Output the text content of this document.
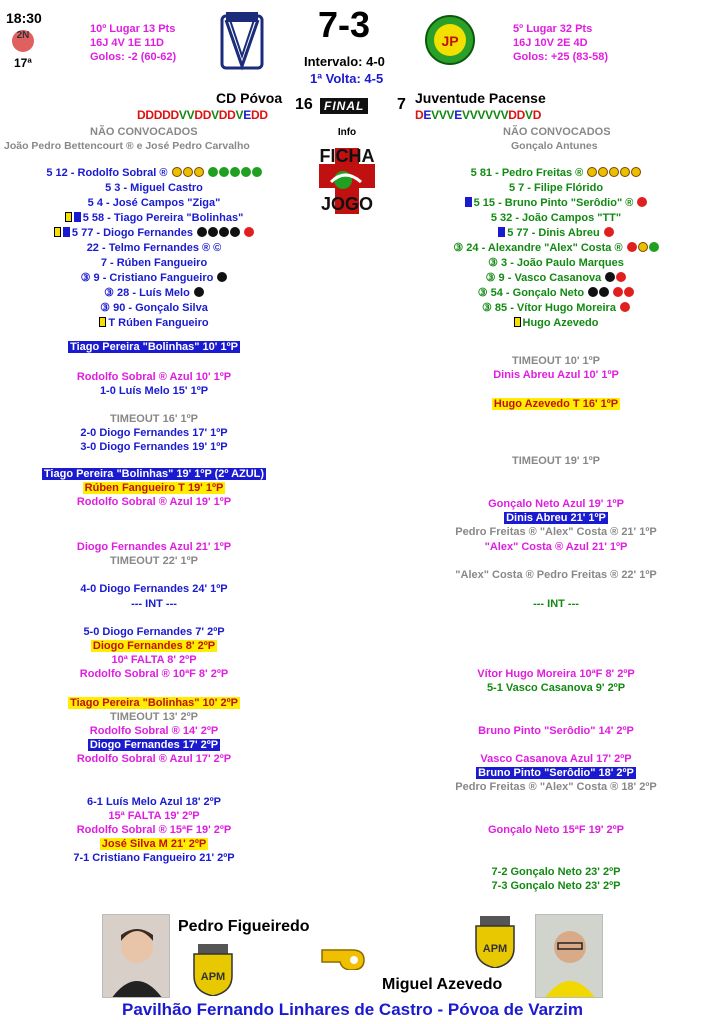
18:30
2N
17ª
10º Lugar 13 Pts
16J 4V 1E 11D
Golos: -2 (60-62)
7-3
Intervalo: 4-0
1ª Volta: 4-5
JP
5º Lugar 32 Pts
16J 10V 2E 4D
Golos: +25 (83-58)
CD Póvoa 16 FINAL 7 Juventude Pacense
DDDDDVVDDVDDVEDD	DEVVVEVVVVVVDDVD
NÃO CONVOCADOS	NÃO CONVOCADOS
João Pedro Bettencourt ® e José Pedro Carvalho	Gonçalo Antunes
Info
FICHA
JOGO
5 12 - Rodolfo Sobral ®
5 3 - Miguel Castro
5 4 - José Campos "Ziga"
5 58 - Tiago Pereira "Bolinhas"
5 77 - Diogo Fernandes
22 - Telmo Fernandes ® ©
7 - Rúben Fangueiro
③ 9 - Cristiano Fangueiro
③ 28 - Luís Melo
③ 90 - Gonçalo Silva
T Rúben Fangueiro
5 81 - Pedro Freitas ®
5 7 - Filipe Flórido
5 15 - Bruno Pinto "Serôdio" ®
5 32 - João Campos "TT"
5 77 - Dinis Abreu
③ 24 - Alexandre "Alex" Costa ®
③ 3 - João Paulo Marques
③ 9 - Vasco Casanova
③ 54 - Gonçalo Neto
③ 85 - Vítor Hugo Moreira
Hugo Azevedo
Tiago Pereira "Bolinhas" 10' 1ºP
Rodolfo Sobral ® Azul 10' 1ºP
1-0 Luís Melo 15' 1ºP
TIMEOUT 16' 1ºP
2-0 Diogo Fernandes 17' 1ºP
3-0 Diogo Fernandes 19' 1ºP
Tiago Pereira "Bolinhas" 19' 1ºP (2º AZUL)
Rúben Fangueiro T 19' 1ºP
Rodolfo Sobral ® Azul 19' 1ºP
Diogo Fernandes Azul 21' 1ºP
TIMEOUT 22' 1ºP
4-0 Diogo Fernandes 24' 1ºP
--- INT ---
5-0 Diogo Fernandes 7' 2ºP
Diogo Fernandes 8' 2ºP
10ª FALTA 8' 2ºP
Rodolfo Sobral ® 10ªF 8' 2ºP
Tiago Pereira "Bolinhas" 10' 2ºP
TIMEOUT 13' 2ºP
Rodolfo Sobral ® 14' 2ºP
Diogo Fernandes 17' 2ºP
Rodolfo Sobral ® Azul 17' 2ºP
6-1 Luís Melo Azul 18' 2ºP
15ª FALTA 19' 2ºP
Rodolfo Sobral ® 15ªF 19' 2ºP
José Silva M 21' 2ºP
7-1 Cristiano Fangueiro 21' 2ºP
TIMEOUT 10' 1ºP
Dinis Abreu Azul 10' 1ºP
Hugo Azevedo T 16' 1ºP
TIMEOUT 19' 1ºP
Gonçalo Neto Azul 19' 1ºP
Dinis Abreu 21' 1ºP
Pedro Freitas ® "Alex" Costa ® 21' 1ºP
"Alex" Costa ® Azul 21' 1ºP
"Alex" Costa ® Pedro Freitas ® 22' 1ºP
--- INT ---
Vítor Hugo Moreira 10ªF 8' 2ºP
5-1 Vasco Casanova 9' 2ºP
Bruno Pinto "Serôdio" 14' 2ºP
Vasco Casanova Azul 17' 2ºP
Bruno Pinto "Serôdio" 18' 2ºP
Pedro Freitas ® "Alex" Costa ® 18' 2ºP
Gonçalo Neto 15ªF 19' 2ºP
7-2 Gonçalo Neto 23' 2ºP
7-3 Gonçalo Neto 23' 2ºP
Pedro Figueiredo
APM
APM
Miguel Azevedo
Pavilhão Fernando Linhares de Castro - Póvoa de Varzim
